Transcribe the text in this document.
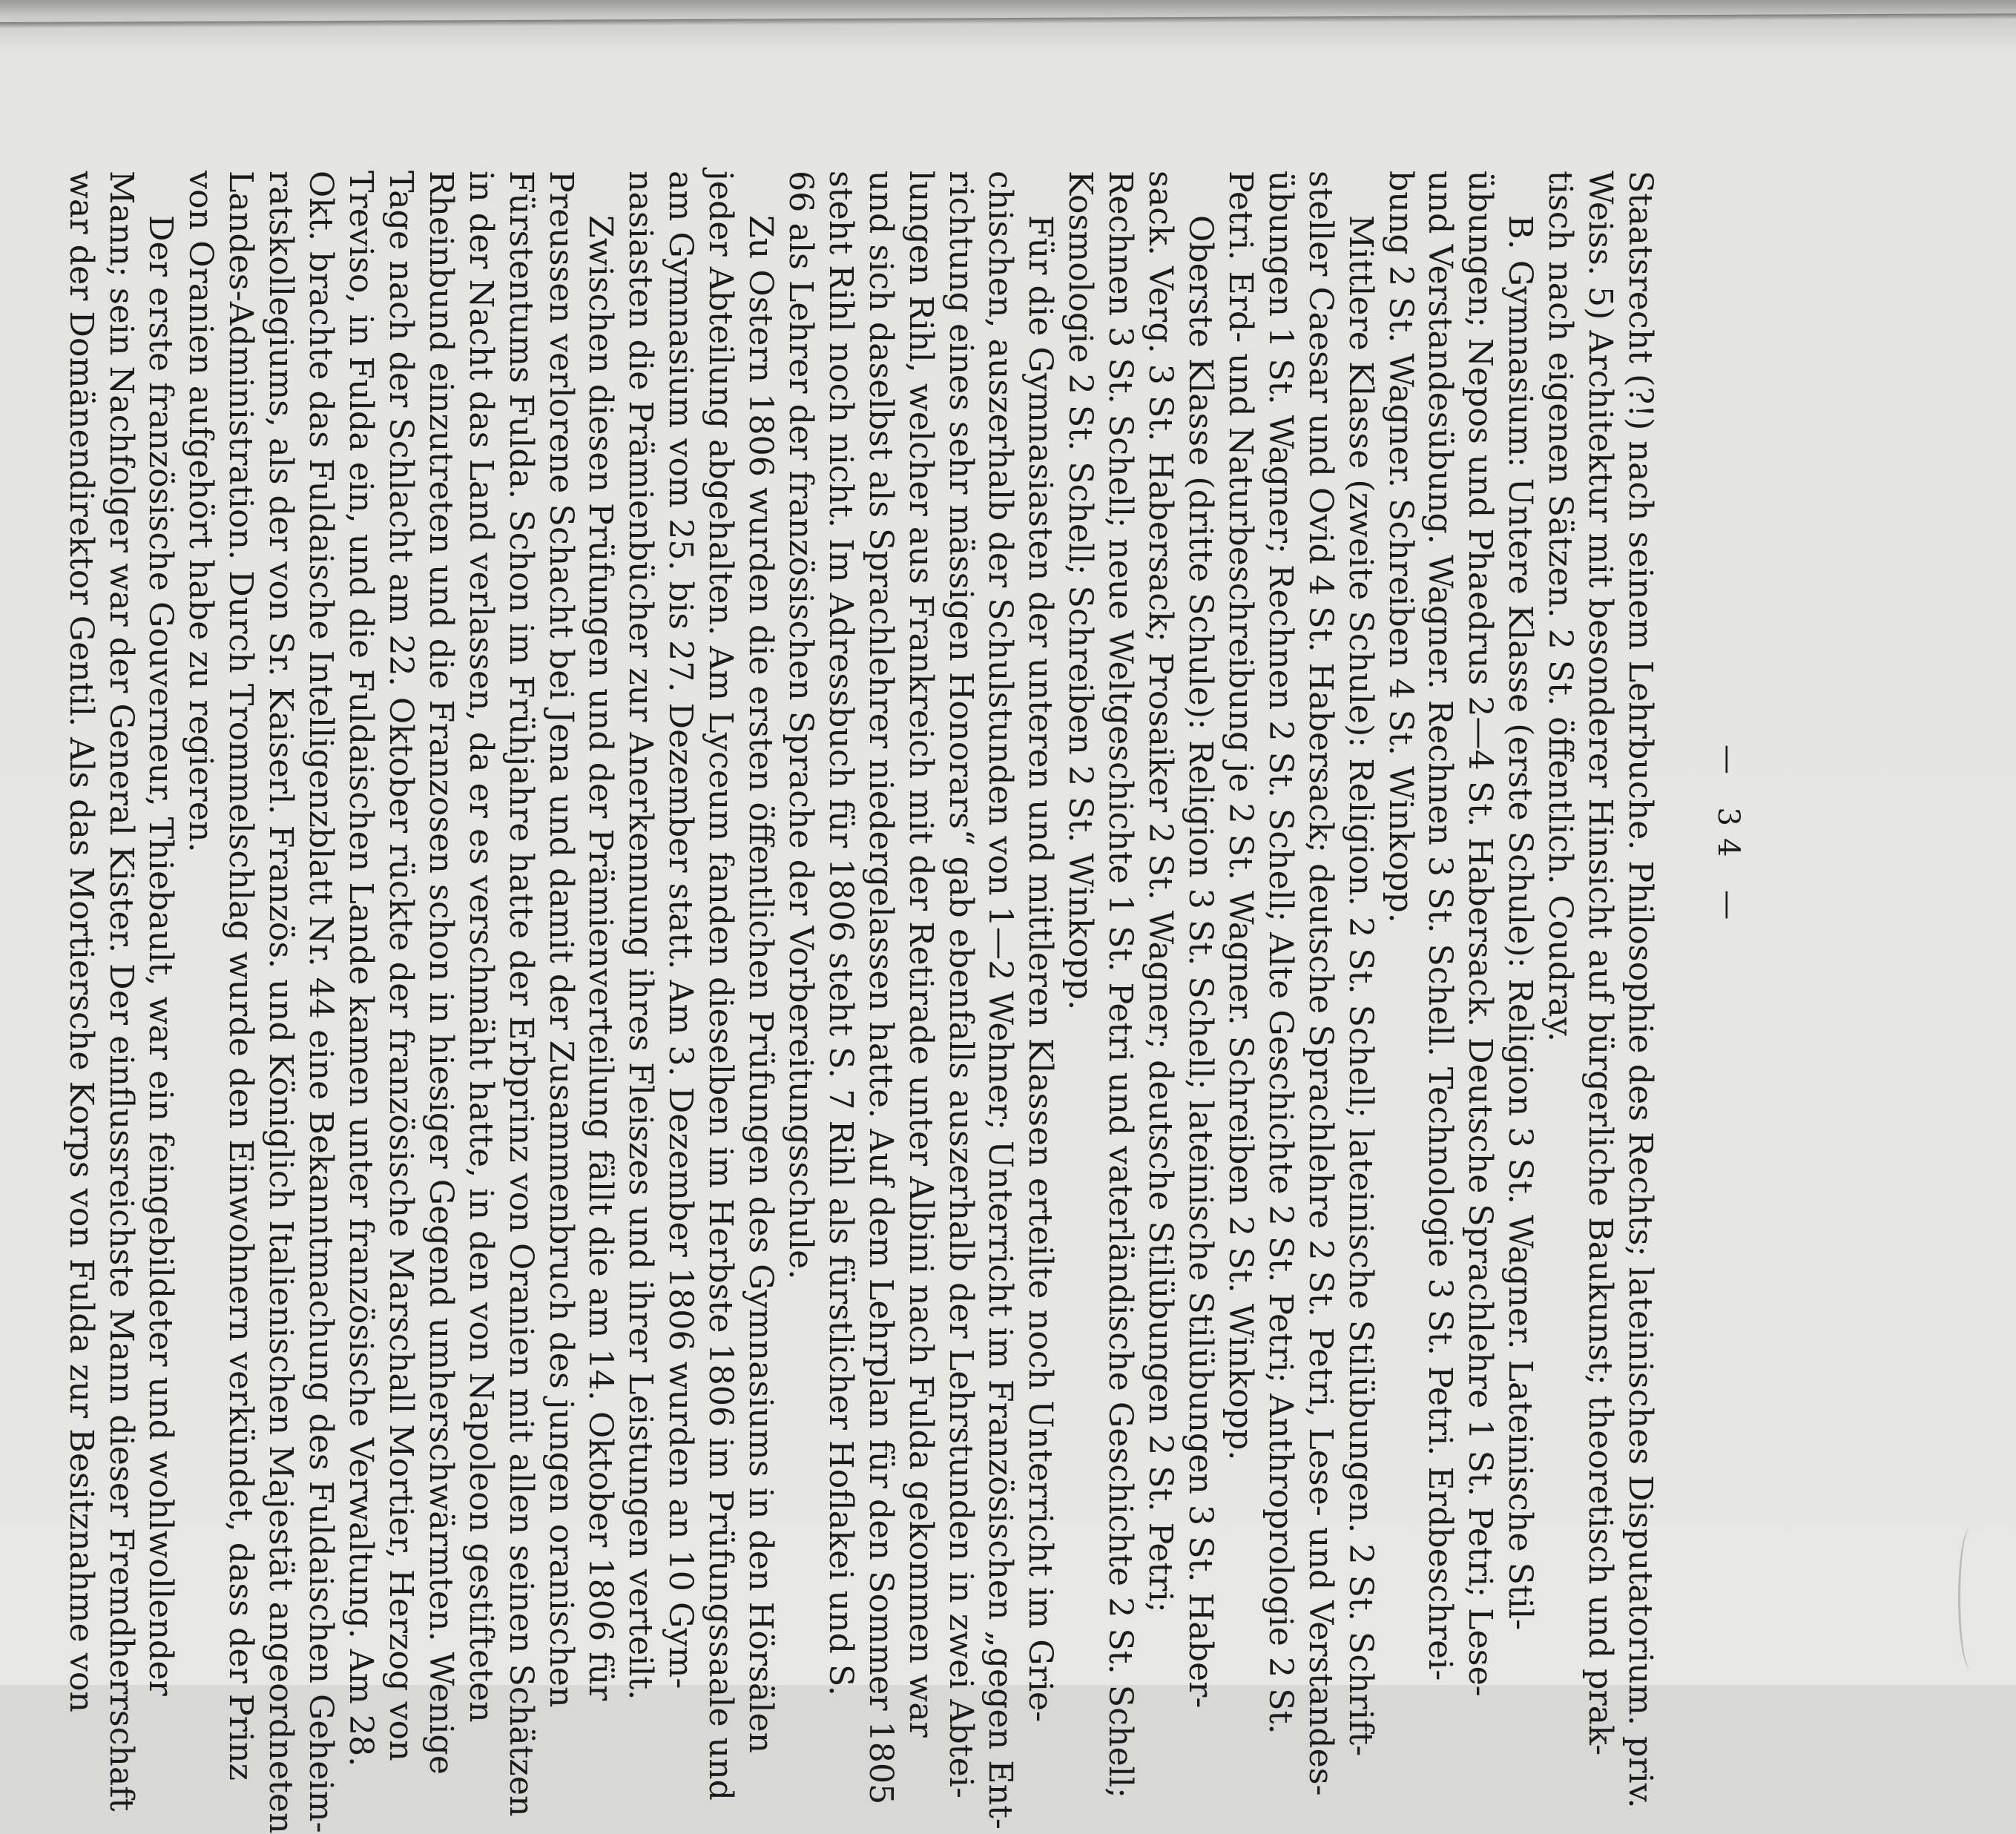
— 34 —

Staatsrecht (?!) nach seinem Lehrbuche. Philosophie des Rechts; lateinisches Disputatorium. priv.
Weiss. 5) Architektur mit besonderer Hinsicht auf bürgerliche Baukunst; theoretisch und prak-
tisch nach eigenen Sätzen. 2 St. öffentlich. Coudray.

B. Gymnasium: Untere Klasse (erste Schule): Religion 3 St. Wagner. Lateinische Stil-
übungen; Nepos und Phaedrus 2—4 St. Habersack. Deutsche Sprachlehre 1 St. Petri; Lese-
und Verstandesübung. Wagner. Rechnen 3 St. Schell. Technologie 3 St. Petri. Erdbeschrei-
bung 2 St. Wagner. Schreiben 4 St. Winkopp.

Mittlere Klasse (zweite Schule): Religion. 2 St. Schell; lateinische Stilübungen. 2 St. Schrift-
steller Caesar und Ovid 4 St. Habersack; deutsche Sprachlehre 2 St. Petri, Lese- und Verstandes-
übungen 1 St. Wagner; Rechnen 2 St. Schell; Alte Geschichte 2 St. Petri; Anthroprologie 2 St.
Petri. Erd- und Naturbeschreibung je 2 St. Wagner. Schreiben 2 St. Winkopp.

Oberste Klasse (dritte Schule): Religion 3 St. Schell; lateinische Stilübungen 3 St. Haber-
sack. Verg. 3 St. Habersack; Prosaiker 2 St. Wagner; deutsche Stilübungen 2 St. Petri;
Rechnen 3 St. Schell; neue Weltgeschichte 1 St. Petri und vaterländische Geschichte 2 St. Schell;
Kosmologie 2 St. Schell; Schreiben 2 St. Winkopp.

Für die Gymnasiasten der unteren und mittleren Klassen erteilte noch Unterricht im Grie-
chischen, auszerhalb der Schulstunden von 1—2 Wehner; Unterricht im Französischen „gegen Ent-
richtung eines sehr mässigen Honorars“ gab ebenfalls auszerhalb der Lehrstunden in zwei Abtei-
lungen Rihl, welcher aus Frankreich mit der Retirade unter Albini nach Fulda gekommen war
und sich daselbst als Sprachlehrer niedergelassen hatte. Auf dem Lehrplan für den Sommer 1805
steht Rihl noch nicht. Im Adressbuch für 1806 steht S. 7 Rihl als fürstlicher Hoflakei und S.
66 als Lehrer der französischen Sprache der Vorbereitungsschule.

Zu Ostern 1806 wurden die ersten öffentlichen Prüfungen des Gymnasiums in den Hörsälen
jeder Abteilung abgehalten. Am Lyceum fanden dieselben im Herbste 1806 im Prüfungssaale und
am Gymnasium vom 25. bis 27. Dezember statt. Am 3. Dezember 1806 wurden an 10 Gym-
nasiasten die Prämienbücher zur Anerkennung ihres Fleiszes und ihrer Leistungen verteilt.

Zwischen diesen Prüfungen und der Prämienverteilung fällt die am 14. Oktober 1806 für
Preussen verlorene Schacht bei Jena und damit der Zusammenbruch des jungen oranischen
Fürstentums Fulda. Schon im Frühjahre hatte der Erbprinz von Oranien mit allen seinen Schätzen
in der Nacht das Land verlassen, da er es verschmäht hatte, in den von Napoleon gestifteten
Rheinbund einzutreten und die Franzosen schon in hiesiger Gegend umherschwärmten. Wenige
Tage nach der Schlacht am 22. Oktober rückte der französische Marschall Mortier, Herzog von
Treviso, in Fulda ein, und die Fuldaischen Lande kamen unter französische Verwaltung. Am 28.
Okt. brachte das Fuldaische Intelligenzblatt Nr. 44 eine Bekanntmachung des Fuldaischen Geheim-
ratskollegiums, als der von Sr. Kaiserl. Französ. und Königlich Italienischen Majestät angeordneten
Landes-Administration. Durch Trommelschlag wurde den Einwohnern verkündet, dass der Prinz
von Oranien aufgehört habe zu regieren.

Der erste französische Gouverneur, Thiebault, war ein feingebildeter und wohlwollender
Mann; sein Nachfolger war der General Kister. Der einflussreichste Mann dieser Fremdherrschaft
war der Domänendirektor Gentil. Als das Mortiersche Korps von Fulda zur Besitznahme von
